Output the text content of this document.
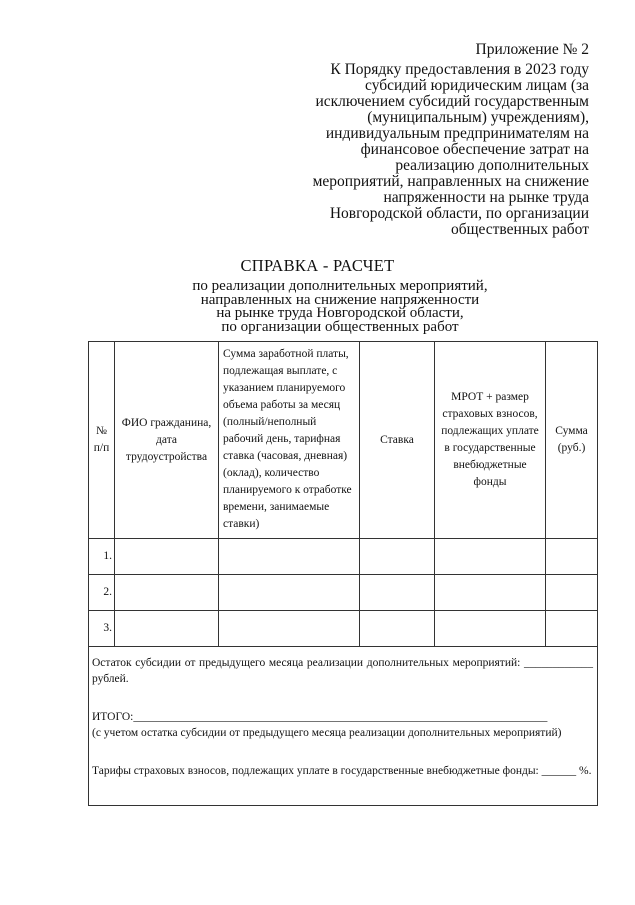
Приложение № 2
К Порядку предоставления в 2023 году
субсидий юридическим лицам (за
исключением субсидий государственным
(муниципальным) учреждениям),
индивидуальным предпринимателям на
финансовое обеспечение затрат на
реализацию дополнительных
мероприятий, направленных на снижение
напряженности на рынке труда
Новгородской области, по организации
общественных работ
СПРАВКА - РАСЧЕТ
по реализации дополнительных мероприятий,
направленных на снижение напряженности
на рынке труда Новгородской области,
по организации общественных работ
№ п/п	ФИО гражданина, дата трудоустройства	Сумма заработной платы, подлежащая выплате, с указанием планируемого объема работы за месяц (полный/неполный рабочий день, тарифная ставка (часовая, дневная) (оклад), количество планируемого к отработке времени, занимаемые ставки)	Ставка	МРОТ + размер страховых взносов, подлежащих уплате в государственные внебюджетные фонды	Сумма (руб.)
1.					
2.					
3.					

Остаток субсидии от предыдущего месяца реализации дополнительных мероприятий: ____________ рублей.
ИТОГО:________________________________________________________________________
(с учетом остатка субсидии от предыдущего месяца реализации дополнительных мероприятий)
Тарифы страховых взносов, подлежащих уплате в государственные внебюджетные фонды: ______ %.					
